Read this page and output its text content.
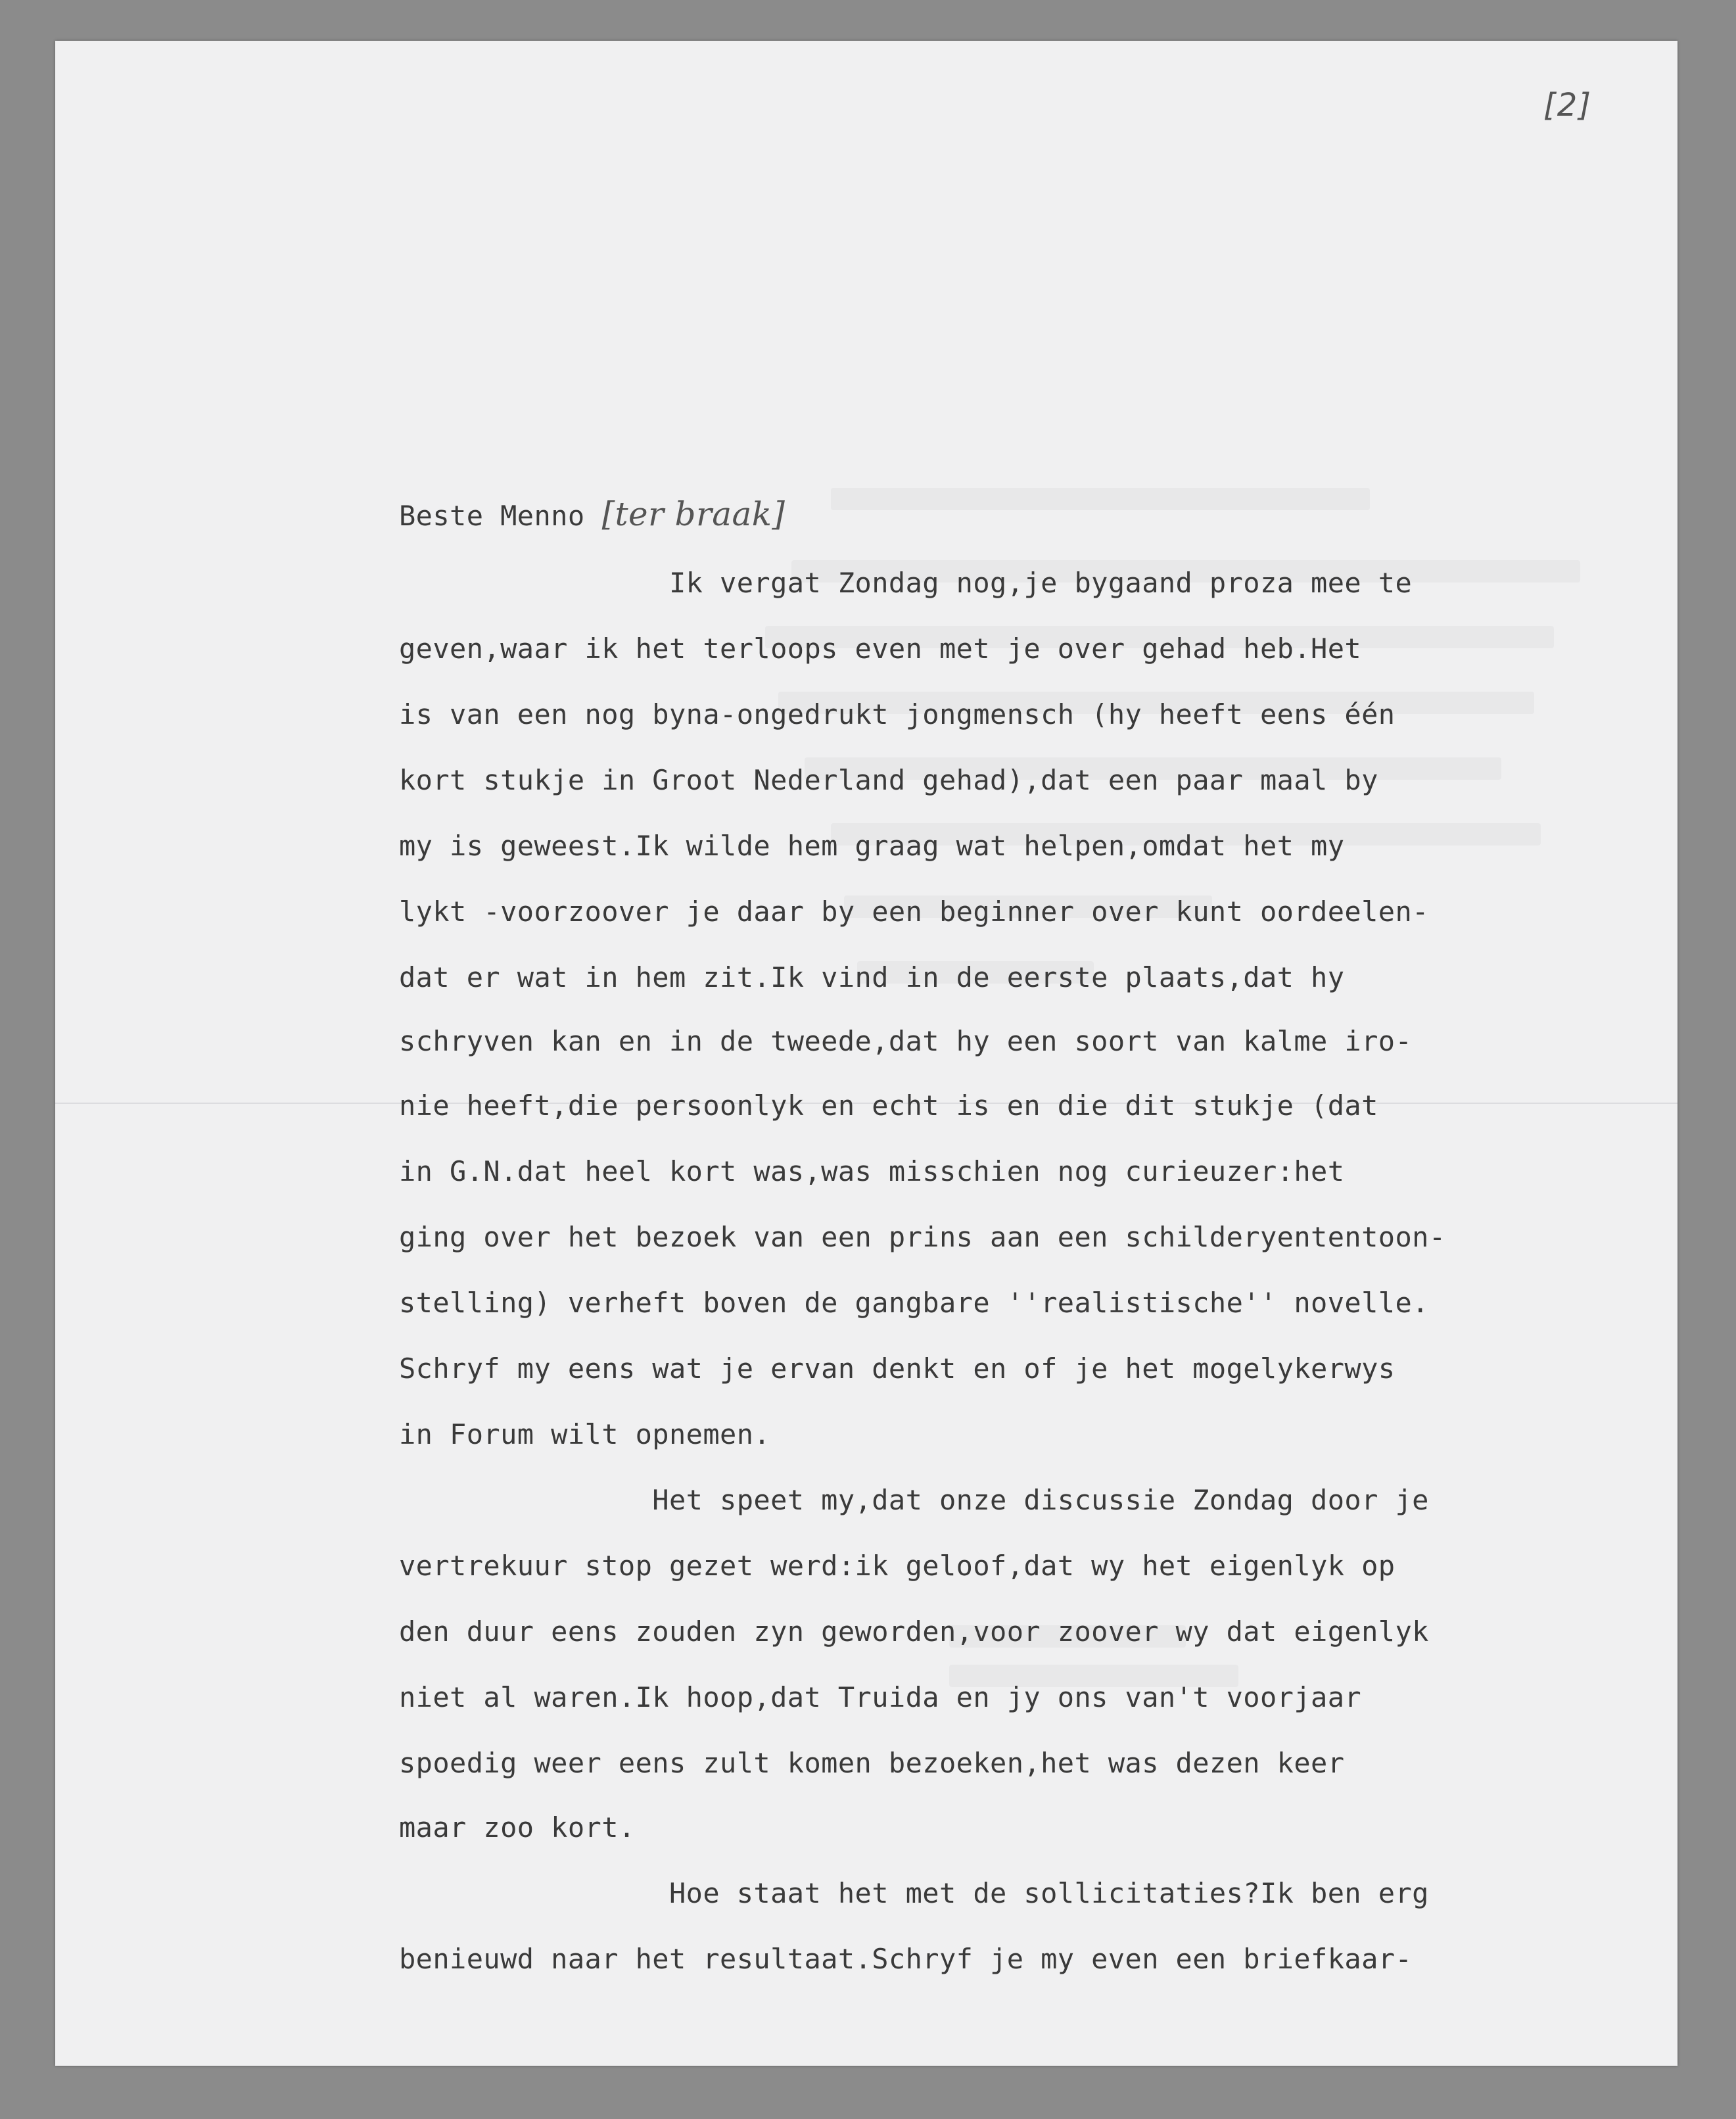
[2]

Beste Menno [ter braak]

Ik vergat Zondag nog,je bygaand proza mee te

geven,waar ik het terloops even met je over gehad heb.Het

is van een nog byna-ongedrukt jongmensch (hy heeft eens één

kort stukje in Groot Nederland gehad),dat een paar maal by

my is geweest.Ik wilde hem graag wat helpen,omdat het my

lykt -voorzoover je daar by een beginner over kunt oordeelen-

dat er wat in hem zit.Ik vind in de eerste plaats,dat hy

schryven kan en in de tweede,dat hy een soort van kalme iro-

nie heeft,die persoonlyk en echt is en die dit stukje (dat

in G.N.dat heel kort was,was misschien nog curieuzer:het

ging over het bezoek van een prins aan een schilderyententoon-

stelling) verheft boven de gangbare ''realistische'' novelle.

Schryf my eens wat je ervan denkt en of je het mogelykerwys

in Forum wilt opnemen.

Het speet my,dat onze discussie Zondag door je

vertrekuur stop gezet werd:ik geloof,dat wy het eigenlyk op

den duur eens zouden zyn geworden,voor zoover wy dat eigenlyk

niet al waren.Ik hoop,dat Truida en jy ons van't voorjaar

spoedig weer eens zult komen bezoeken,het was dezen keer

maar zoo kort.

Hoe staat het met de sollicitaties?Ik ben erg

benieuwd naar het resultaat.Schryf je my even een briefkaar-
